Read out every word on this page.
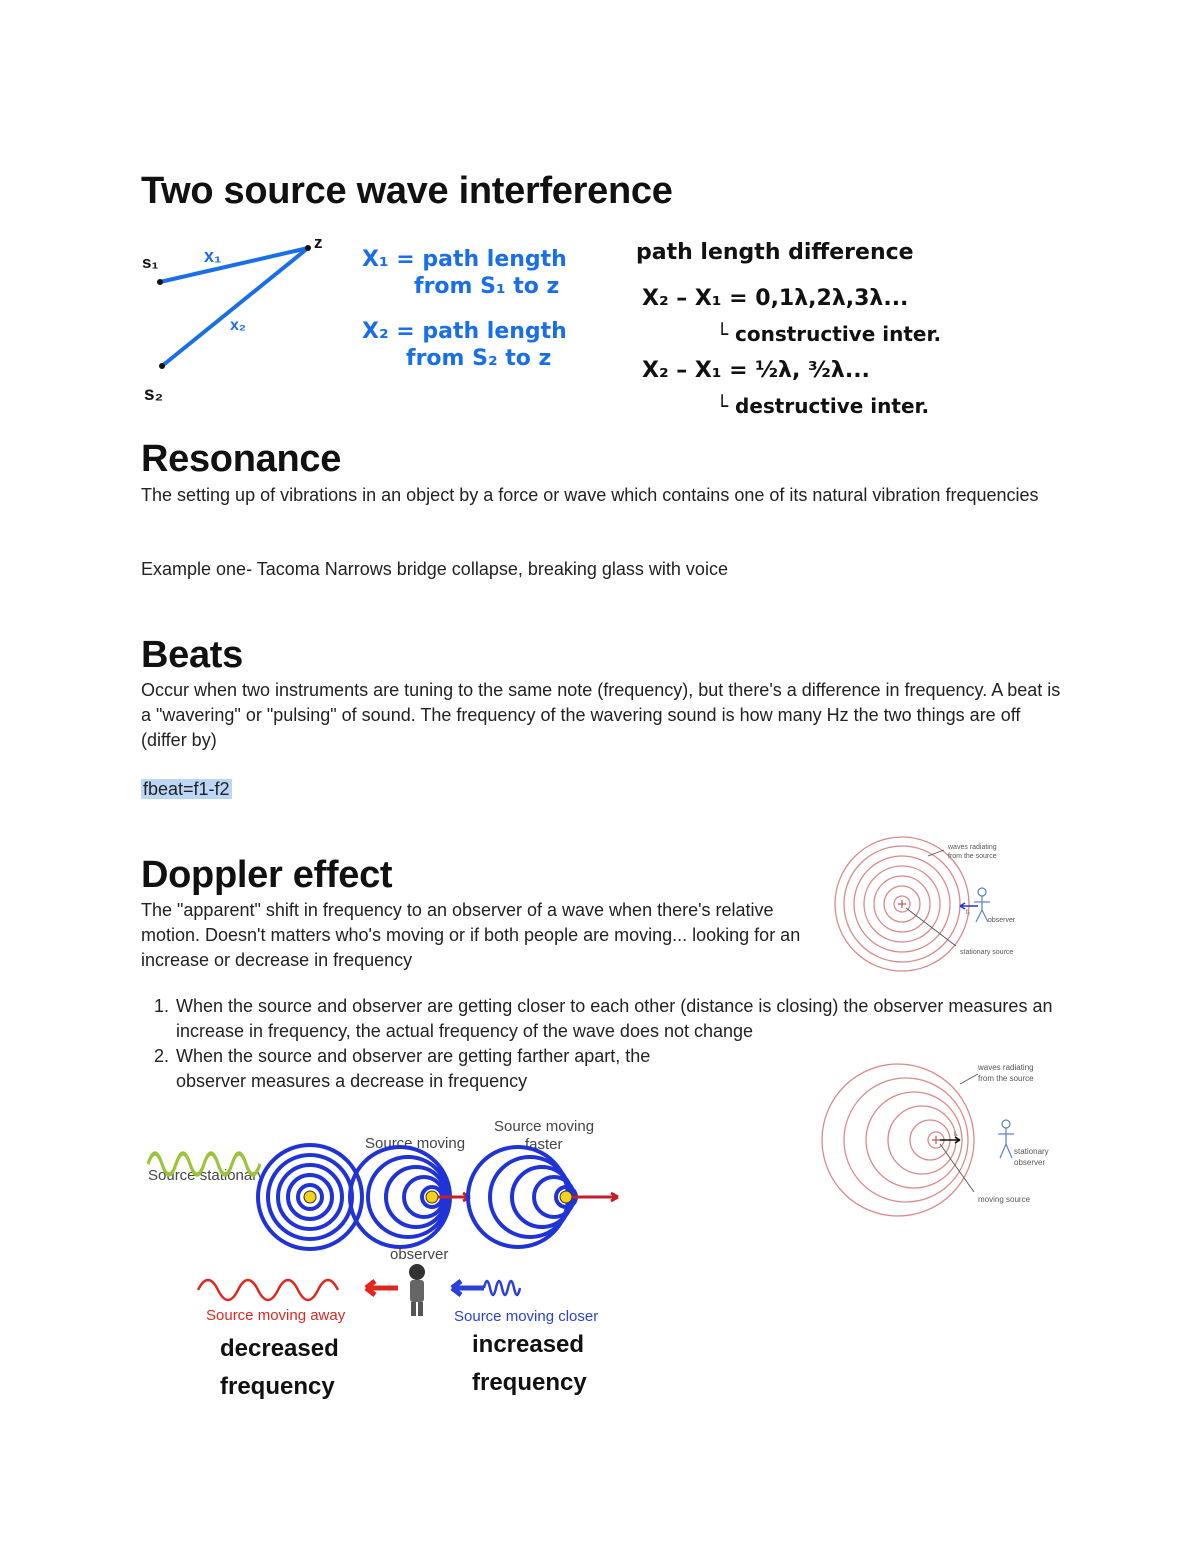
Two source wave interference
s₁
s₂
z
x₁
x₂
X₁ = path length
from S₁ to z
X₂ = path length
from S₂ to z
path length difference
X₂ – X₁ = 0,1λ,2λ,3λ...
└ constructive inter.
X₂ – X₁ = ½λ, ³⁄₂λ...
└ destructive inter.
Resonance

The setting up of vibrations in an object by a force or wave which contains one of its natural vibration frequencies

Example one- Tacoma Narrows bridge collapse, breaking glass with voice

Beats

Occur when two instruments are tuning to the same note (frequency), but there's a difference in frequency. A beat is a "wavering" or "pulsing" of sound. The frequency of the wavering sound is how many Hz the two things are off (differ by)

fbeat=f1-f2

Doppler effect

The "apparent" shift in frequency to an observer of a wave when there's relative motion. Doesn't matters who's moving or if both people are moving... looking for an increase or decrease in frequency

1. When the source and observer are getting closer to each other (distance is closing) the observer measures an increase in frequency, the actual frequency of the wave does not change
2. When the source and observer are getting farther apart, the observer measures a decrease in frequency
waves radiating
from the source
fₒ
observer
stationary source
waves radiating
from the source
fₛ
stationary
observer
moving source
Source stationary
Source moving
Source moving
faster
observer
Source moving away	Source moving closer
decreased
frequency
increased
frequency
